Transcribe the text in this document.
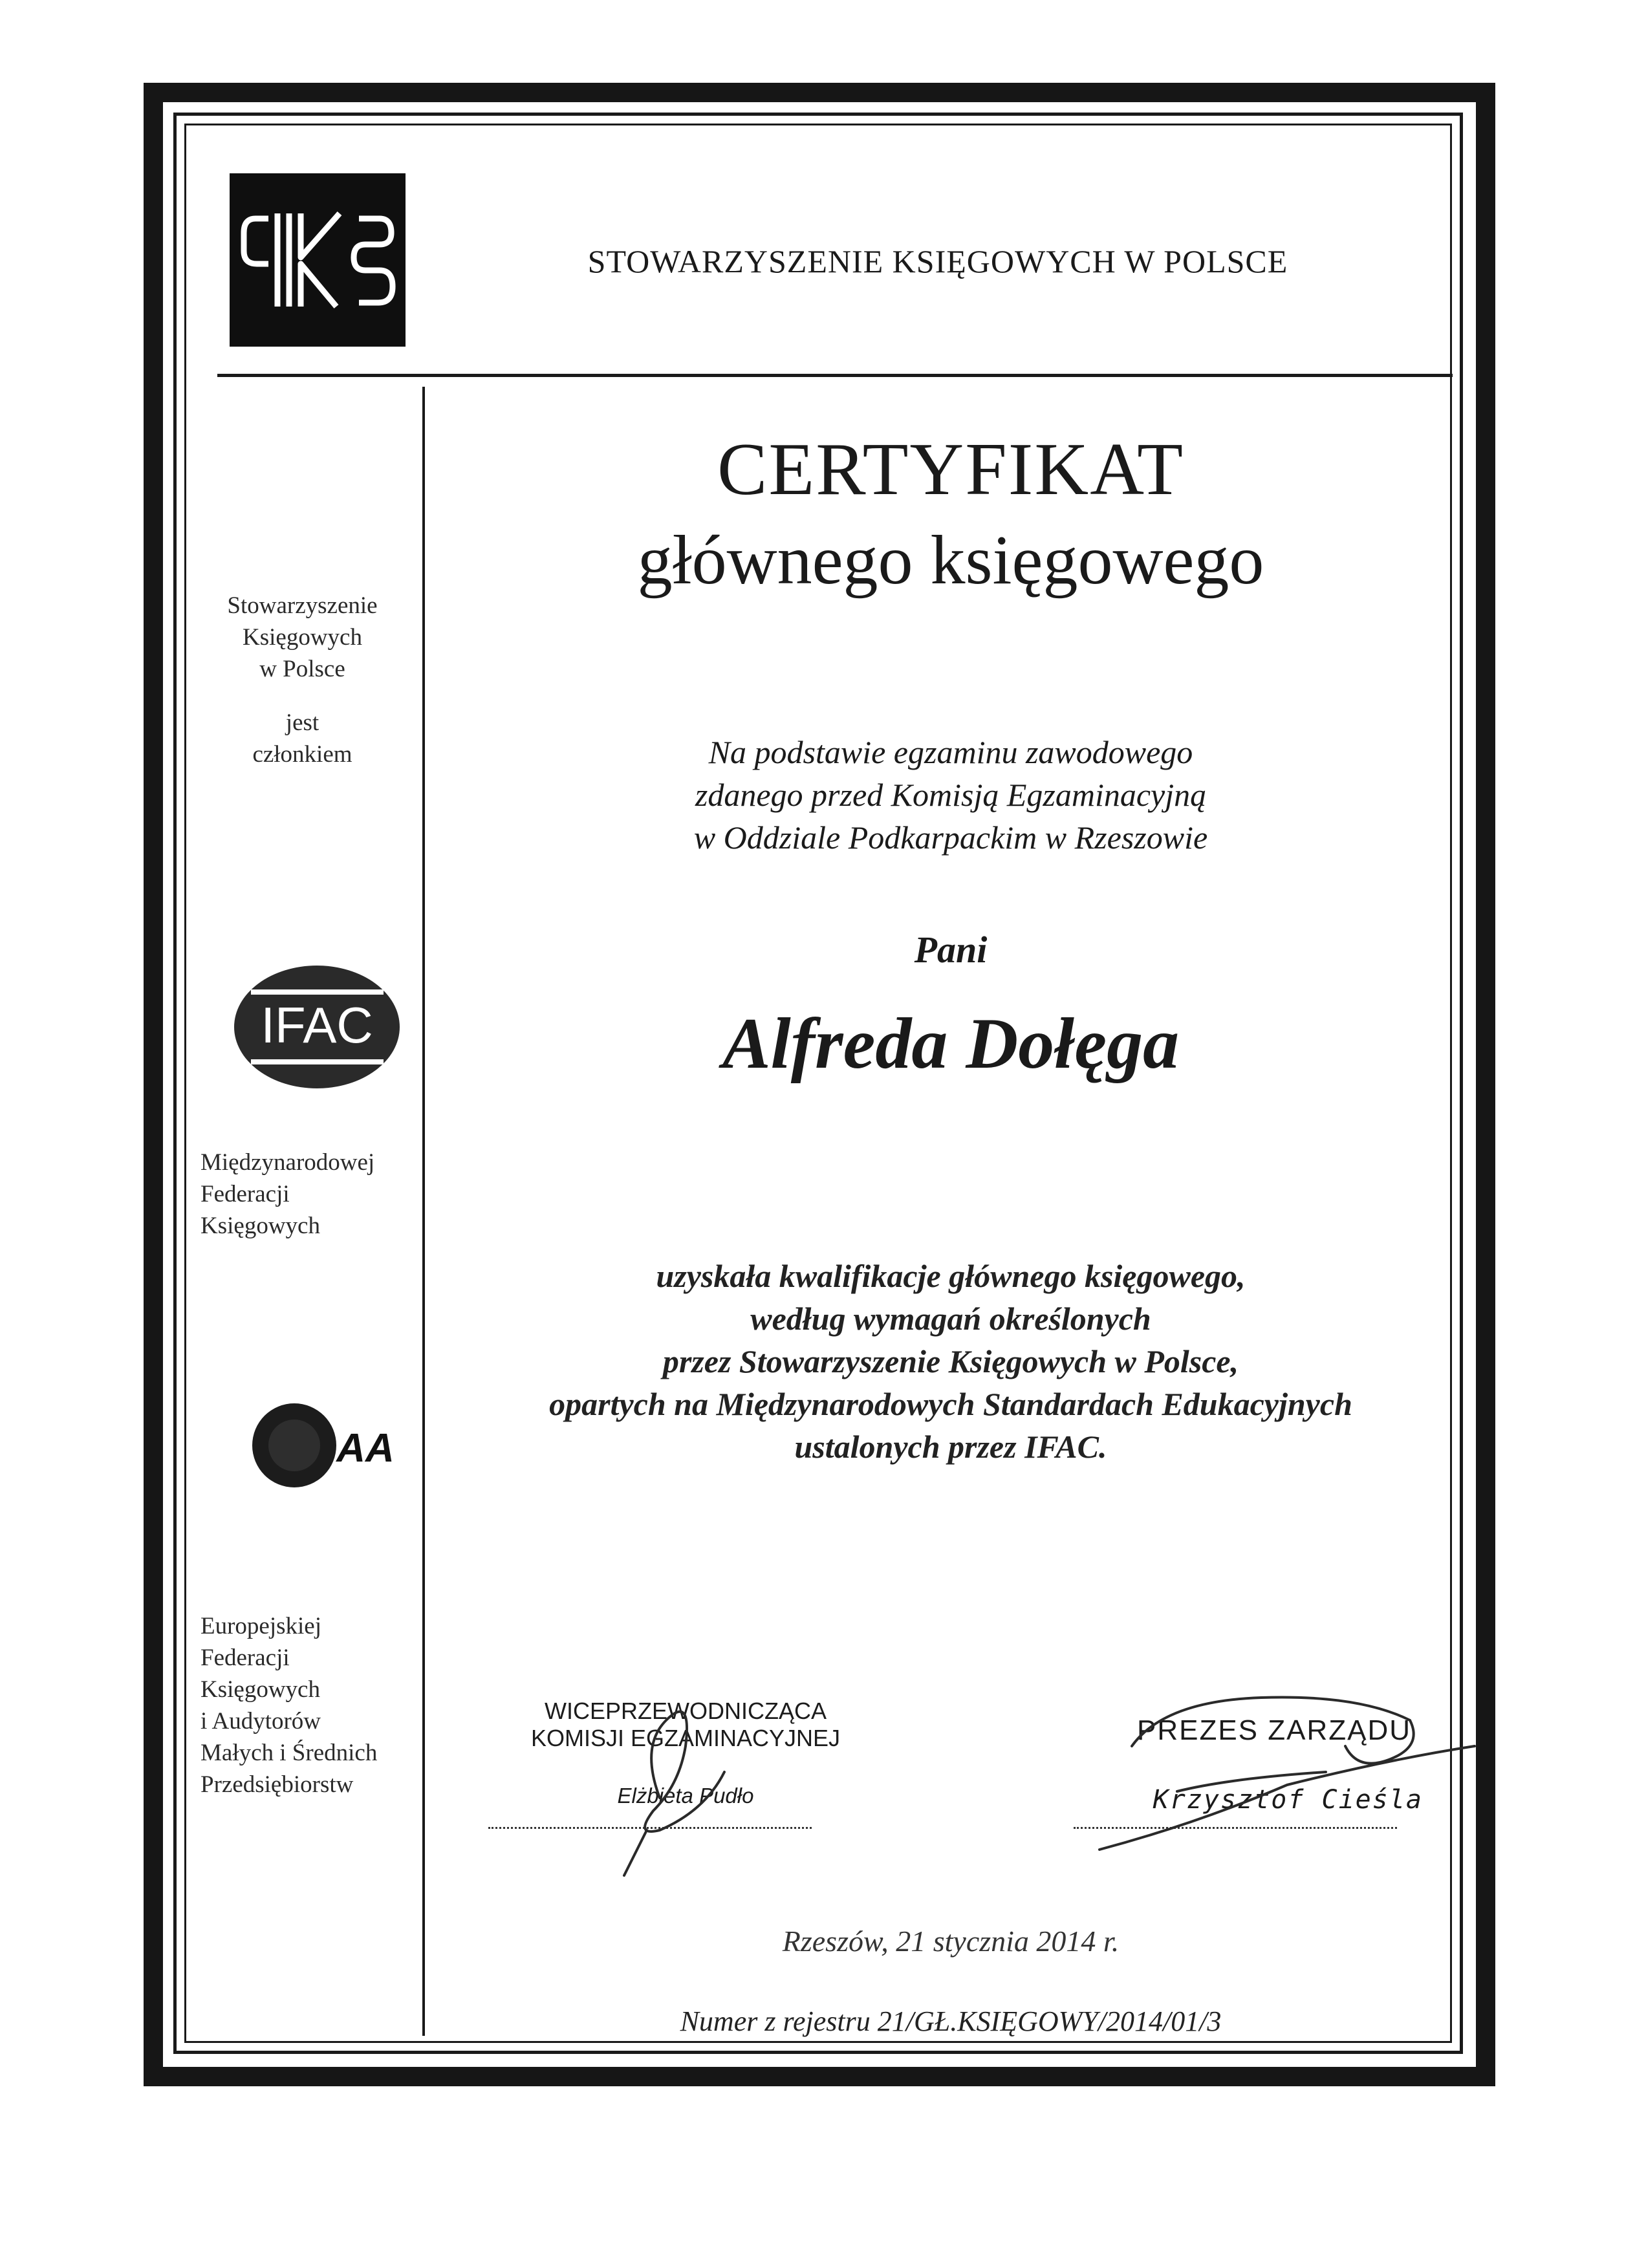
STOWARZYSZENIE KSIĘGOWYCH W POLSCE
Stowarzyszenie
Księgowych
w Polsce
jest
członkiem
IFAC
Międzynarodowej
Federacji
Księgowych
AA
Europejskiej
Federacji
Księgowych
i Audytorów
Małych i Średnich
Przedsiębiorstw
CERTYFIKAT
głównego księgowego
Na podstawie egzaminu zawodowego
zdanego przed Komisją Egzaminacyjną
w Oddziale Podkarpackim w Rzeszowie
Pani
Alfreda Dołęga
uzyskała kwalifikacje głównego księgowego,
według wymagań określonych
przez Stowarzyszenie Księgowych w Polsce,
opartych na Międzynarodowych Standardach Edukacyjnych
ustalonych przez IFAC.
WICEPRZEWODNICZĄCA
KOMISJI EGZAMINACYJNEJ
Elżbieta Pudło
PREZES ZARZĄDU
Krzysztof Cieśla
Rzeszów, 21 stycznia 2014 r.
Numer z rejestru 21/GŁ.KSIĘGOWY/2014/01/3
